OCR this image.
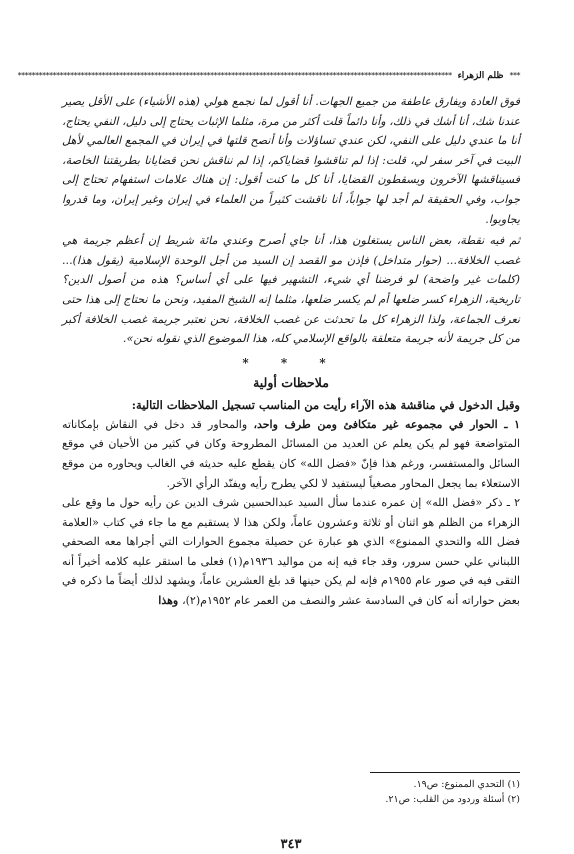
***
ظلم الزهراء
****************************************************************************************************************************

فوق العادة ويفارق عاطفة من جميع الجهات. أنا أقول لما نجمع هولي (هذه الأشياء) على الأقل يصير عندنا شك، أنا أشك في ذلك، وأنا دائماً قلت أكثر من مرة، مثلما الإثبات يحتاج إلى دليل، النفي يحتاج، أنا ما عندي دليل على النفي، لكن عندي تساؤلات وأنا أنصح قلتها في إيران في المجمع العالمي لأهل البيت في آخر سفر لي، قلت: إذا لم تناقشوا قضاياكم، إذا لم نناقش نحن قضايانا بطريقتنا الخاصة، فسيناقشها الآخرون ويسقطون القضايا، أنا كل ما كنت أقول: إن هناك علامات استفهام تحتاج إلى جواب، وفي الحقيقة لم أجد لها جواباً، أنا ناقشت كثيراً من العلماء في إيران وغير إيران، وما قدروا يجاوبوا.

ثم فيه نقطة، بعض الناس يستغلون هذا، أنا جاي أصرح وعندي مائة شريط إن أعظم جريمة هي غصب الخلافة... (حوار متداخل) فإذن مو القصد إن السيد من أجل الوحدة الإسلامية (يقول هذا)... (كلمات غير واضحة) لو فرضنا أي شيء، التشهير فيها على أي أساس؟ هذه من أصول الدين؟ تاريخية، الزهراء كسر ضلعها أم لم يكسر ضلعها، مثلما إنه الشيخ المفيد، ونحن ما نحتاج إلى هذا حتى نعرف الجماعة، ولذا الزهراء كل ما تحدثت عن غصب الخلافة، نحن نعتبر جريمة غصب الخلافة أكبر من كل جريمة لأنه جريمة متعلقة بالواقع الإسلامي كله، هذا الموضوع الذي نقوله نحن».

* * *
ملاحظات أولية

وقبل الدخول في مناقشة هذه الآراء رأيت من المناسب تسجيل الملاحظات التالية:

١ ـ الحوار في مجموعه غير متكافئ ومن طرف واحد، والمحاور قد دخل في النقاش بإمكاناته المتواضعة فهو لم يكن يعلم عن العديد من المسائل المطروحة وكان في كثير من الأحيان في موقع السائل والمستفسر، ورغم هذا فإنّ «فضل الله» كان يقطع عليه حديثه في الغالب ويحاوره من موقع الاستعلاء بما يجعل المحاور مصغياً ليستفيد لا لكي يطرح رأيه ويفنّد الرأي الآخر.

٢ ـ ذكر «فضل الله» إن عمره عندما سأل السيد عبدالحسين شرف الدين عن رأيه حول ما وقع على الزهراء من الظلم هو اثنان أو ثلاثة وعشرون عاماً، ولكن هذا لا يستقيم مع ما جاء في كتاب «العلامة فضل الله والتحدي الممنوع» الذي هو عبارة عن حصيلة مجموع الحوارات التي أجراها معه الصحفي اللبناني علي حسن سرور، وقد جاء فيه إنه من مواليد ١٩٣٦م(١) فعلى ما استقر عليه كلامه أخيراً أنه التقى فيه في صور عام ١٩٥٥م فإنه لم يكن حينها قد بلغ العشرين عاماً، ويشهد لذلك أيضاً ما ذكره في بعض حواراته أنه كان في السادسة عشر والنصف من العمر عام ١٩٥٢م(٢)، وهذا

(١) التحدي الممنوع: ص١٩.
(٢) أسئلة وردود من القلب: ص٢١.
٣٤٣
